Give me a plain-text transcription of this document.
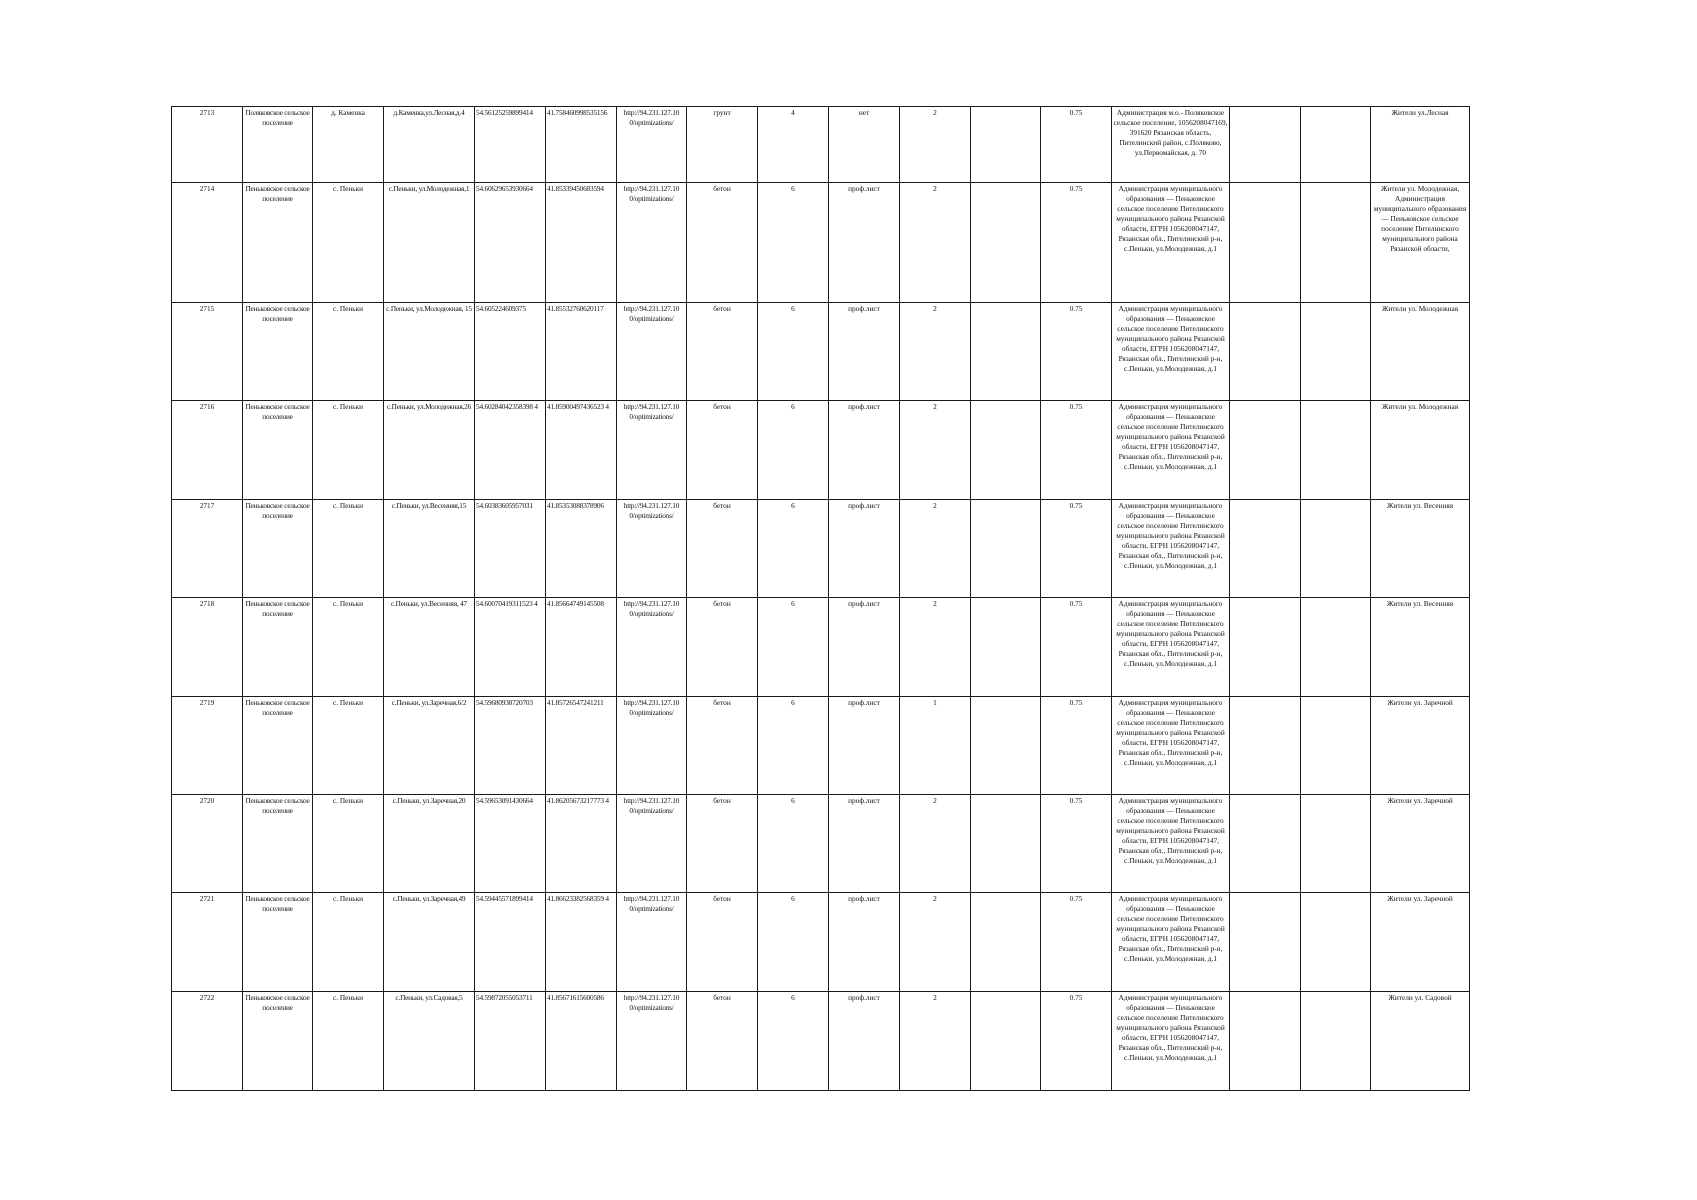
2713	Поляковское сельское поселение	д. Каменка	д.Каменка,ул.Лесная,д.4	54.56125259899414	41.758460998535156	http://94.231.127.10 0/optimizations/	грунт	4	нет	2		0.75	Администрация м.о.- Поляковское сельское поселение, 1056208047169, 391620 Рязанская область, Пителинский район, с.Поляково, ул.Первомайская, д. 70			Жители ул.Лесная
2714	Пеньковское сельское поселение	с. Пеньки	с.Пеньки, ул.Молодежная,1	54.60629653930664	41.85339450683594	http://94.231.127.10 0/optimizations/	бетон	6	проф.лист	2		0.75	Администрация муниципального образования — Пеньковское сельское поселение Пителинского муниципального района Рязанской области, ЕГРН 1056208047147, Рязанская обл., Пителинский р-н, с.Пеньки, ул.Молодежная, д.1			Жители ул. Молодежная, Администрация муниципального образования — Пеньковское сельское поселение Пителинского муниципального района Рязанской области,
2715	Пеньковское сельское поселение	с. Пеньки	с.Пеньки, ул.Молодежная, 15	54.605224609375	41.85532760620117	http://94.231.127.10 0/optimizations/	бетон	6	проф.лист	2		0.75	Администрация муниципального образования — Пеньковское сельское поселение Пителинского муниципального района Рязанской области, ЕГРН 1056208047147, Рязанская обл., Пителинский р-н, с.Пеньки, ул.Молодежная, д.1			Жители ул. Молодежная
2716	Пеньковское сельское поселение	с. Пеньки	с.Пеньки, ул.Молодежная,26	54.60284042358398 4	41.85900497436523 4	http://94.231.127.10 0/optimizations/	бетон	6	проф.лист	2		0.75	Администрация муниципального образования — Пеньковское сельское поселение Пителинского муниципального района Рязанской области, ЕГРН 1056208047147, Рязанская обл., Пителинский р-н, с.Пеньки, ул.Молодежная, д.1			Жители ул. Молодежная
2717	Пеньковское сельское поселение	с. Пеньки	с.Пеньки, ул.Весенняя,15	54.60383605957031	41.85353088378906	http://94.231.127.10 0/optimizations/	бетон	6	проф.лист	2		0.75	Администрация муниципального образования — Пеньковское сельское поселение Пителинского муниципального района Рязанской области, ЕГРН 1056208047147, Рязанская обл., Пителинский р-н, с.Пеньки, ул.Молодежная, д.1			Жители ул. Весенняя
2718	Пеньковское сельское поселение	с. Пеньки	с.Пеньки, ул.Весенняя, 47	54.60070419311523 4	41.85664749145508	http://94.231.127.10 0/optimizations/	бетон	6	проф.лист	2		0.75	Администрация муниципального образования — Пеньковское сельское поселение Пителинского муниципального района Рязанской области, ЕГРН 1056208047147, Рязанская обл., Пителинский р-н, с.Пеньки, ул.Молодежная, д.1			Жители ул. Весенняя
2719	Пеньковское сельское поселение	с. Пеньки	с.Пеньки, ул.Заречная,6/2	54.59680938720703	41.85726547241211	http://94.231.127.10 0/optimizations/	бетон	6	проф.лист	1		0.75	Администрация муниципального образования — Пеньковское сельское поселение Пителинского муниципального района Рязанской области, ЕГРН 1056208047147, Рязанская обл., Пителинский р-н, с.Пеньки, ул.Молодежная, д.1			Жители ул. Заречной
2720	Пеньковское сельское поселение	с. Пеньки	с.Пеньки, ул.Заречная,20	54.59653091430664	41.86205673217773 4	http://94.231.127.10 0/optimizations/	бетон	6	проф.лист	2		0.75	Администрация муниципального образования — Пеньковское сельское поселение Пителинского муниципального района Рязанской области, ЕГРН 1056208047147, Рязанская обл., Пителинский р-н, с.Пеньки, ул.Молодежная, д.1			Жители ул. Заречной
2721	Пеньковское сельское поселение	с. Пеньки	с.Пеньки, ул.Заречная,49	54.59445571899414	41.86623382568359 4	http://94.231.127.10 0/optimizations/	бетон	6	проф.лист	2		0.75	Администрация муниципального образования — Пеньковское сельское поселение Пителинского муниципального района Рязанской области, ЕГРН 1056208047147, Рязанская обл., Пителинский р-н, с.Пеньки, ул.Молодежная, д.1			Жители ул. Заречной
2722	Пеньковское сельское поселение	с. Пеньки	с.Пеньки, ул.Садовая,5	54.59872055053711	41.85671615600586	http://94.231.127.10 0/optimizations/	бетон	6	проф.лист	2		0.75	Администрация муниципального образования — Пеньковское сельское поселение Пителинского муниципального района Рязанской области, ЕГРН 1056208047147, Рязанская обл., Пителинский р-н, с.Пеньки, ул.Молодежная, д.1			Жители ул. Садовой
